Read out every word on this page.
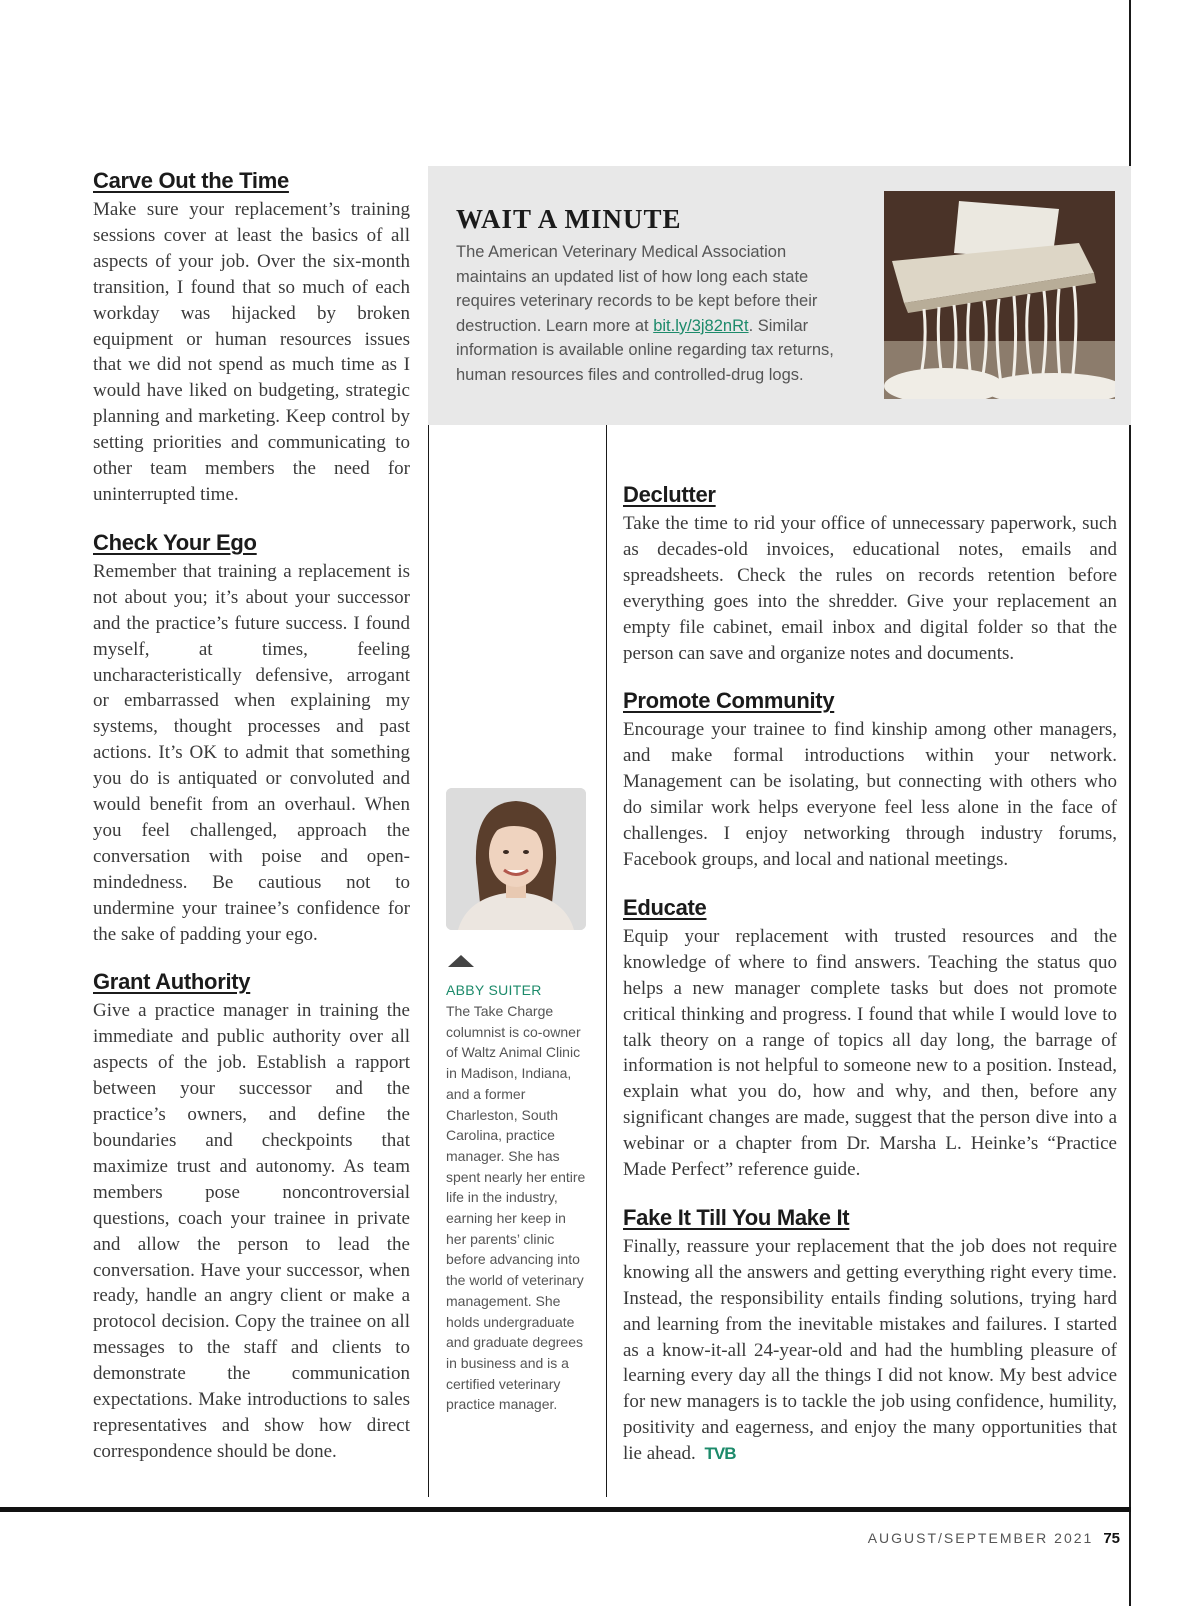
Carve Out the Time

Make sure your replacement’s training sessions cover at least the basics of all aspects of your job. Over the six-month transition, I found that so much of each workday was hijacked by broken equipment or human resources issues that we did not spend as much time as I would have liked on budgeting, strategic planning and marketing. Keep control by setting priorities and communicating to other team members the need for uninterrupted time.

Check Your Ego

Remember that training a replacement is not about you; it’s about your successor and the practice’s future success. I found myself, at times, feeling uncharacteristically defensive, arrogant or embarrassed when explaining my systems, thought processes and past actions. It’s OK to admit that something you do is antiquated or convoluted and would benefit from an overhaul. When you feel challenged, approach the conversation with poise and open-mindedness. Be cautious not to undermine your trainee’s confidence for the sake of padding your ego.

Grant Authority

Give a practice manager in training the immediate and public authority over all aspects of the job. Establish a rapport between your successor and the practice’s owners, and define the boundaries and checkpoints that maximize trust and autonomy. As team members pose noncontroversial questions, coach your trainee in private and allow the person to lead the conversation. Have your successor, when ready, handle an angry client or make a protocol decision. Copy the trainee on all messages to the staff and clients to demonstrate the communication expectations. Make introductions to sales representatives and show how direct correspondence should be done.

WAIT A MINUTE

The American Veterinary Medical Association maintains an updated list of how long each state requires veterinary records to be kept before their destruction. Learn more at bit.ly/3j82nRt. Similar information is available online regarding tax returns, human resources files and controlled-drug logs.

ABBY SUITER

The Take Charge columnist is co-owner of Waltz Animal Clinic in Madison, Indiana, and a former Charleston, South Carolina, practice manager. She has spent nearly her entire life in the industry, earning her keep in her parents’ clinic before advancing into the world of veterinary management. She holds undergraduate and graduate degrees in business and is a certified veterinary practice manager.

Declutter

Take the time to rid your office of unnecessary paperwork, such as decades-old invoices, educational notes, emails and spreadsheets. Check the rules on records retention before everything goes into the shredder. Give your replacement an empty file cabinet, email inbox and digital folder so that the person can save and organize notes and documents.

Promote Community

Encourage your trainee to find kinship among other managers, and make formal introductions within your network. Management can be isolating, but connecting with others who do similar work helps everyone feel less alone in the face of challenges. I enjoy networking through industry forums, Facebook groups, and local and national meetings.

Educate

Equip your replacement with trusted resources and the knowledge of where to find answers. Teaching the status quo helps a new manager complete tasks but does not promote critical thinking and progress. I found that while I would love to talk theory on a range of topics all day long, the barrage of information is not helpful to someone new to a position. Instead, explain what you do, how and why, and then, before any significant changes are made, suggest that the person dive into a webinar or a chapter from Dr. Marsha L. Heinke’s “Practice Made Perfect” reference guide.

Fake It Till You Make It

Finally, reassure your replacement that the job does not require knowing all the answers and getting everything right every time. Instead, the responsibility entails finding solutions, trying hard and learning from the inevitable mistakes and failures. I started as a know-it-all 24-year-old and had the humbling pleasure of learning every day all the things I did not know. My best advice for new managers is to tackle the job using confidence, humility, positivity and eagerness, and enjoy the many opportunities that lie ahead. TVB

AUGUST/SEPTEMBER 2021 75
